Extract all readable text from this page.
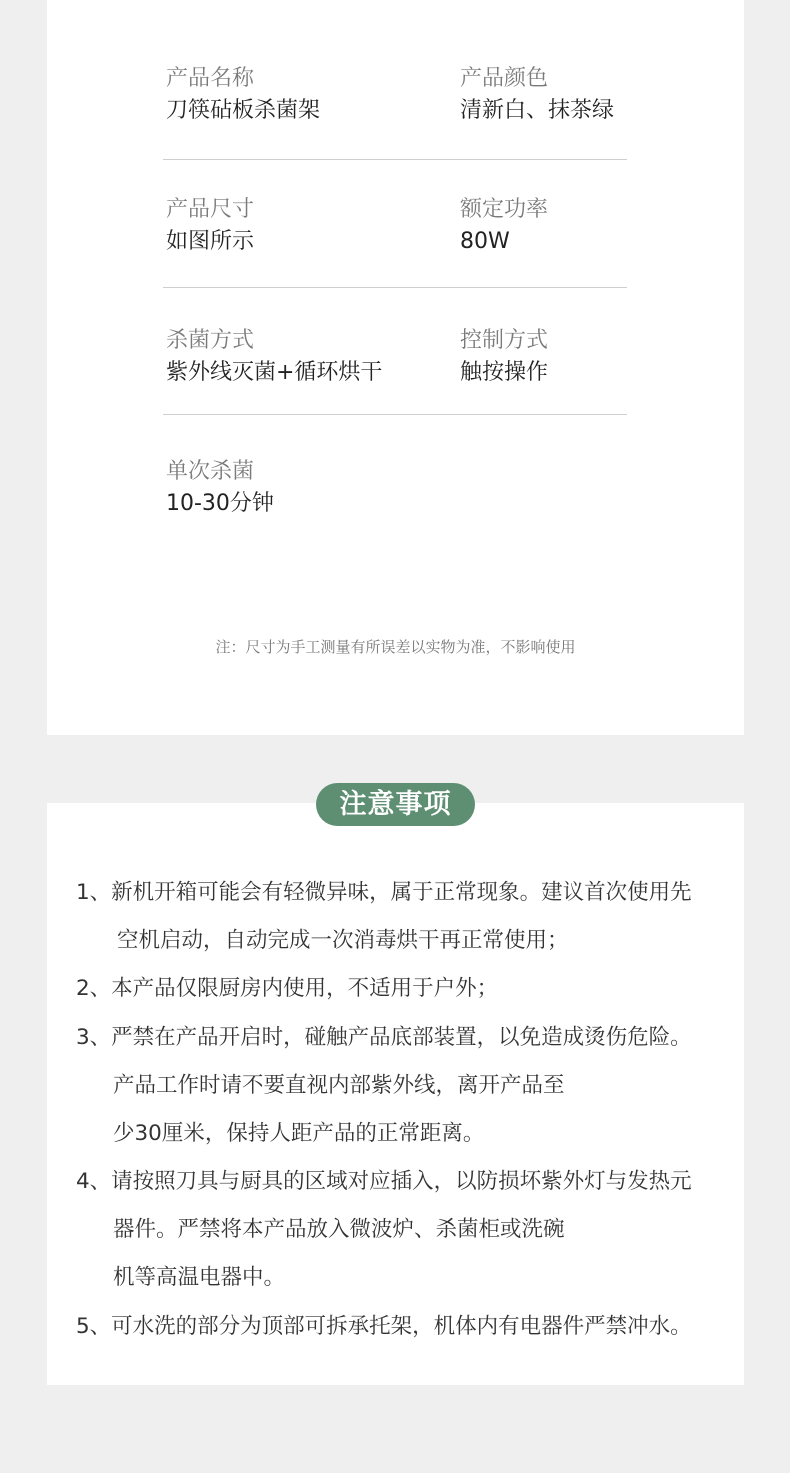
产品名称
刀筷砧板杀菌架
产品颜色
清新白、抹茶绿
产品尺寸
如图所示
额定功率
80W
杀菌方式
紫外线灭菌+循环烘干
控制方式
触按操作
单次杀菌
10-30分钟

注：尺寸为手工测量有所误差以实物为准，不影响使用

注意事项

1、新机开箱可能会有轻微异味，属于正常现象。建议首次使用先

空机启动，自动完成一次消毒烘干再正常使用；

2、本产品仅限厨房内使用，不适用于户外；

3、严禁在产品开启时，碰触产品底部装置，以免造成烫伤危险。

产品工作时请不要直视内部紫外线，离开产品至

少30厘米，保持人距产品的正常距离。

4、请按照刀具与厨具的区域对应插入，以防损坏紫外灯与发热元

器件。严禁将本产品放入微波炉、杀菌柜或洗碗

机等高温电器中。

5、可水洗的部分为顶部可拆承托架，机体内有电器件严禁冲水。
